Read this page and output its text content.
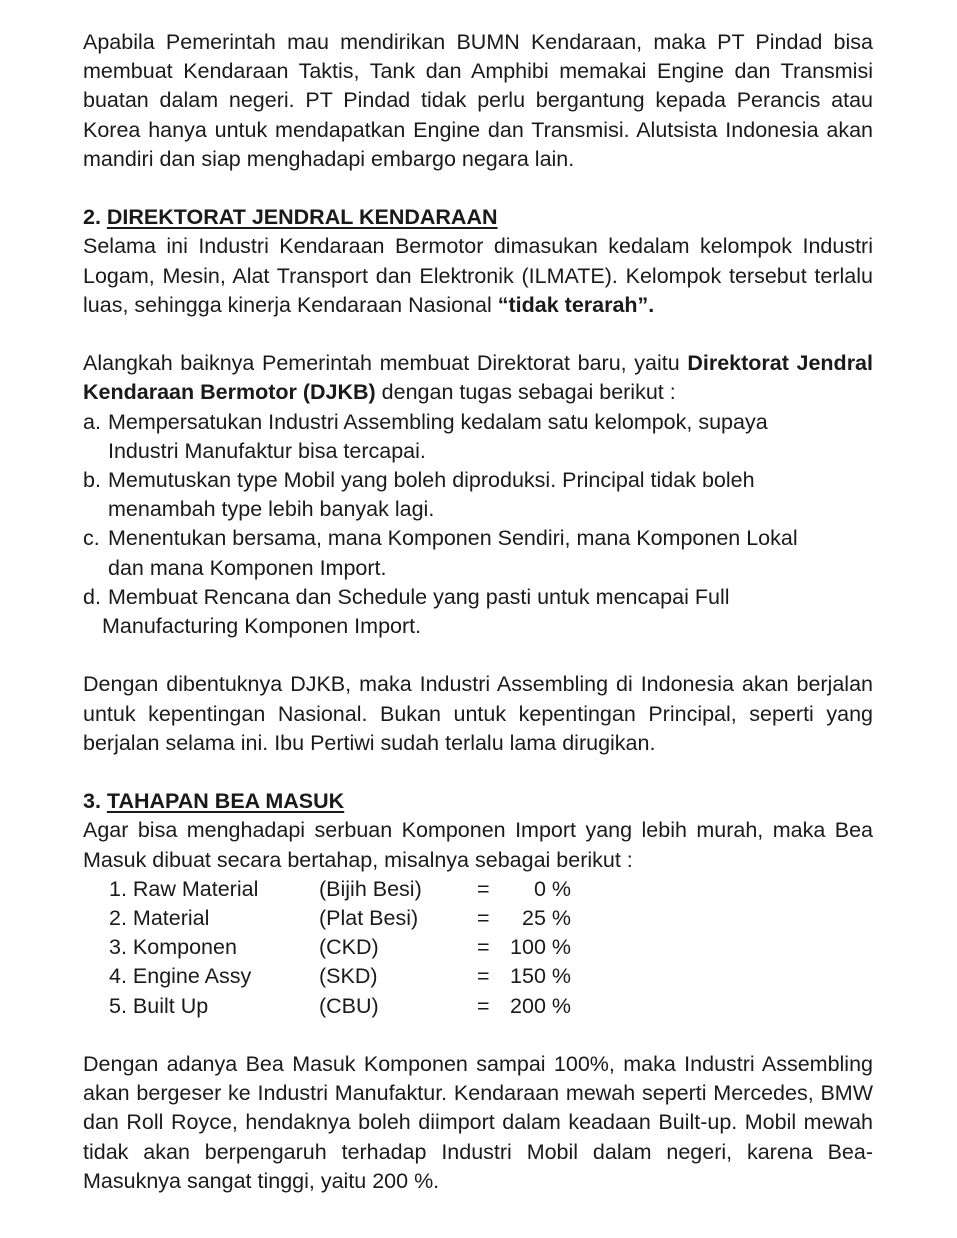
Apabila Pemerintah mau mendirikan BUMN Kendaraan, maka PT Pindad bisa membuat Kendaraan Taktis, Tank dan Amphibi memakai Engine dan Transmisi buatan dalam negeri. PT Pindad tidak perlu bergantung kepada Perancis atau Korea hanya untuk mendapatkan Engine dan Transmisi. Alutsista Indonesia akan mandiri dan siap menghadapi embargo negara lain.

2. DIREKTORAT JENDRAL KENDARAAN

Selama ini Industri Kendaraan Bermotor dimasukan kedalam kelompok Industri Logam, Mesin, Alat Transport dan Elektronik (ILMATE). Kelompok tersebut terlalu luas, sehingga kinerja Kendaraan Nasional “tidak terarah”.

Alangkah baiknya Pemerintah membuat Direktorat baru, yaitu Direktorat Jendral Kendaraan Bermotor (DJKB) dengan tugas sebagai berikut :

a. Mempersatukan Industri Assembling kedalam satu kelompok, supaya
Industri Manufaktur bisa tercapai.
b. Memutuskan type Mobil yang boleh diproduksi. Principal tidak boleh
menambah type lebih banyak lagi.
c. Menentukan bersama, mana Komponen Sendiri, mana Komponen Lokal
dan mana Komponen Import.
d. Membuat Rencana dan Schedule yang pasti untuk mencapai Full
Manufacturing Komponen Import.

Dengan dibentuknya DJKB, maka Industri Assembling di Indonesia akan berjalan untuk kepentingan Nasional. Bukan untuk kepentingan Principal, seperti yang berjalan selama ini. Ibu Pertiwi sudah terlalu lama dirugikan.

3. TAHAPAN BEA MASUK

Agar bisa menghadapi serbuan Komponen Import yang lebih murah, maka Bea Masuk dibuat secara bertahap, misalnya sebagai berikut :

1. Raw Material	(Bijih Besi)	=	0 %
2. Material	(Plat Besi)	=	25 %
3. Komponen	(CKD)	=	100 %
4. Engine Assy	(SKD)	=	150 %
5. Built Up	(CBU)	=	200 %

Dengan adanya Bea Masuk Komponen sampai 100%, maka Industri Assembling akan bergeser ke Industri Manufaktur. Kendaraan mewah seperti Mercedes, BMW dan Roll Royce, hendaknya boleh diimport dalam keadaan Built-up. Mobil mewah tidak akan berpengaruh terhadap Industri Mobil dalam negeri, karena Bea-Masuknya sangat tinggi, yaitu 200 %.
